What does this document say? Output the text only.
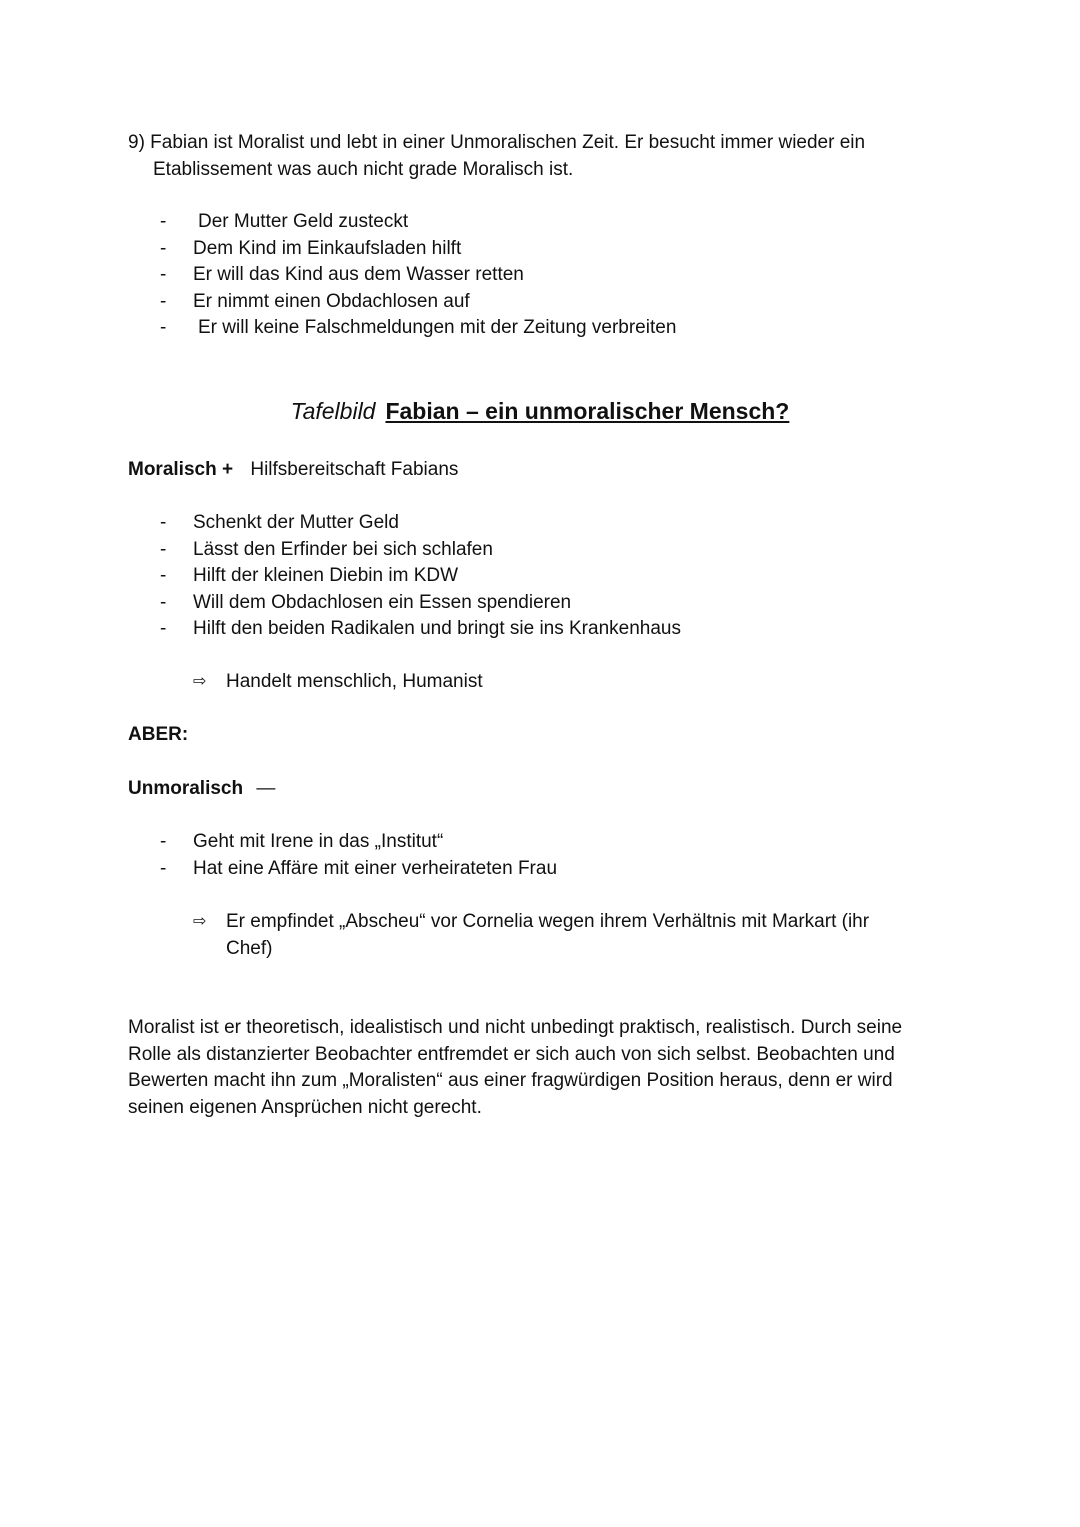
9) Fabian ist Moralist und lebt in einer Unmoralischen Zeit. Er besucht immer wieder ein
Etablissement was auch nicht grade Moralisch ist.
- Der Mutter Geld zusteckt
- Dem Kind im Einkaufsladen hilft
- Er will das Kind aus dem Wasser retten
- Er nimmt einen Obdachlosen auf
- Er will keine Falschmeldungen mit der Zeitung verbreiten
Tafelbild Fabian – ein unmoralischer Mensch?
Moralisch + Hilfsbereitschaft Fabians
- Schenkt der Mutter Geld
- Lässt den Erfinder bei sich schlafen
- Hilft der kleinen Diebin im KDW
- Will dem Obdachlosen ein Essen spendieren
- Hilft den beiden Radikalen und bringt sie ins Krankenhaus
⇨ Handelt menschlich, Humanist
ABER:
Unmoralisch —
- Geht mit Irene in das „Institut“
- Hat eine Affäre mit einer verheirateten Frau
⇨	Er empfindet „Abscheu“ vor Cornelia wegen ihrem Verhältnis mit Markart (ihr
Chef)
Moralist ist er theoretisch, idealistisch und nicht unbedingt praktisch, realistisch. Durch seine
Rolle als distanzierter Beobachter entfremdet er sich auch von sich selbst. Beobachten und
Bewerten macht ihn zum „Moralisten“ aus einer fragwürdigen Position heraus, denn er wird
seinen eigenen Ansprüchen nicht gerecht.
